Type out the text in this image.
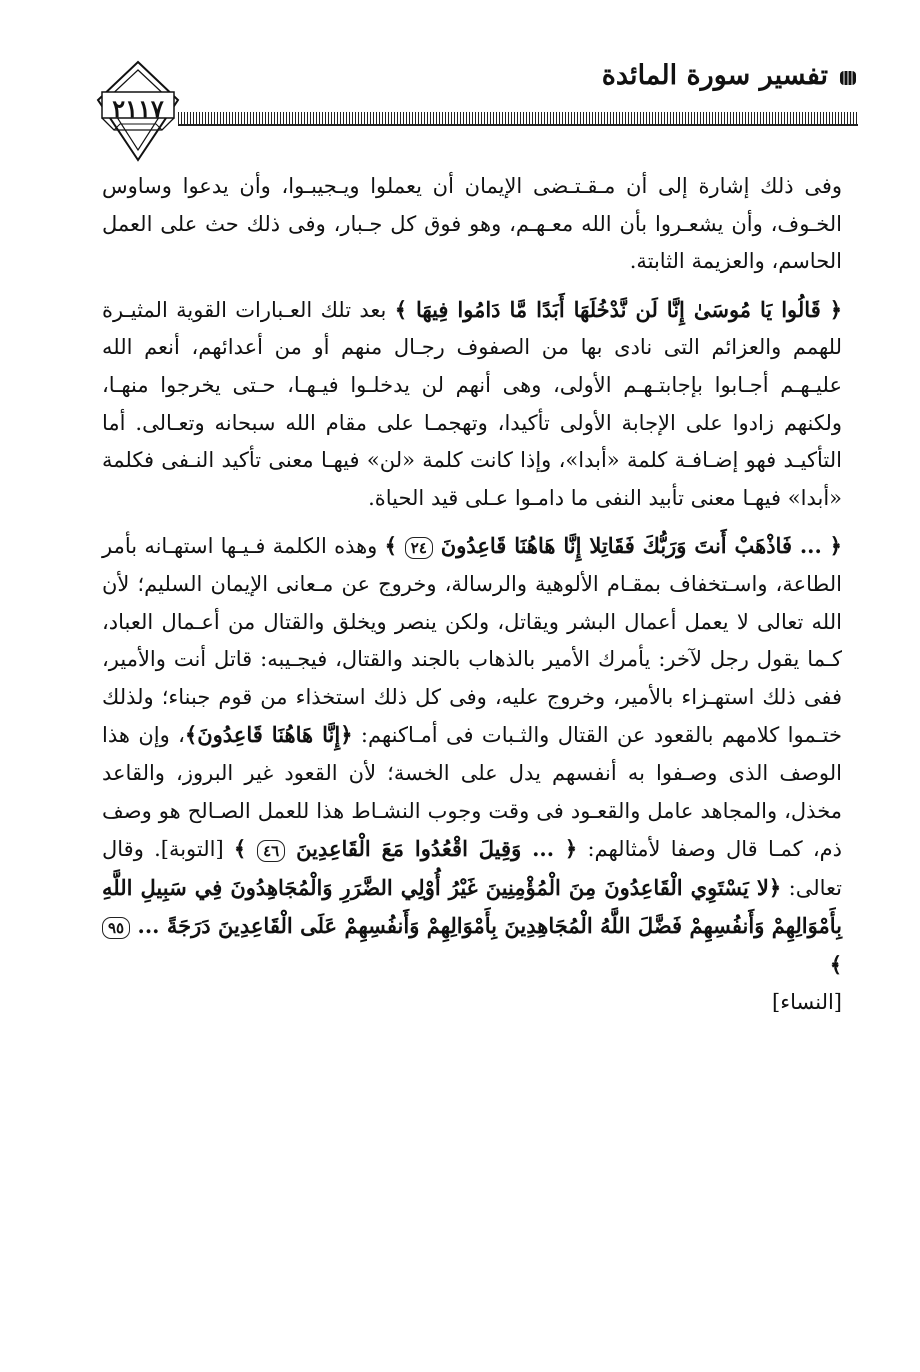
تفسير سورة المائدة
٢١١٧

وفى ذلك إشارة إلى أن مـقـتـضى الإيمان أن يعملوا ويـجيبـوا، وأن يدعوا وساوس الخـوف، وأن يشعـروا بأن الله معـهـم، وهو فوق كل جـبار، وفى ذلك حث على العمل الحاسم، والعزيمة الثابتة.

﴿ قَالُوا يَا مُوسَىٰ إِنَّا لَن نَّدْخُلَهَا أَبَدًا مَّا دَامُوا فِيهَا ﴾ بعد تلك العـبارات القوية المثيـرة للهمم والعزائم التى نادى بها من الصفوف رجـال منهم أو من أعدائهم، أنعم الله عليـهـم أجـابوا بإجابتـهـم الأولى، وهى أنهم لن يدخلـوا فيـهـا، حـتى يخرجوا منهـا، ولكنهم زادوا على الإجابة الأولى تأكيدا، وتهجمـا على مقام الله سبحانه وتعـالى. أما التأكيـد فهو إضـافـة كلمة «أبدا»، وإذا كانت كلمة «لن» فيهـا معنى تأكيد النـفى فكلمة «أبدا» فيهـا معنى تأبيد النفى ما دامـوا عـلى قيد الحياة.

﴿ ... فَاذْهَبْ أَنتَ وَرَبُّكَ فَقَاتِلا إِنَّا هَاهُنَا قَاعِدُونَ ٢٤ ﴾ وهذه الكلمة فـيـها استهـانه بأمر الطاعة، واسـتخفاف بمقـام الألوهية والرسالة، وخروج عن مـعانى الإيمان السليم؛ لأن الله تعالى لا يعمل أعمال البشر ويقاتل، ولكن ينصر ويخلق والقتال من أعـمال العباد، كـما يقول رجل لآخر: يأمرك الأمير بالذهاب بالجند والقتال، فيجـيبه: قاتل أنت والأمير، ففى ذلك استهـزاء بالأمير، وخروج عليه، وفى كل ذلك استخذاء من قوم جبناء؛ ولذلك ختـموا كلامهم بالقعود عن القتال والثـبات فى أمـاكنهم: ﴿إِنَّا هَاهُنَا قَاعِدُونَ﴾، وإن هذا الوصف الذى وصـفوا به أنفسهم يدل على الخسة؛ لأن القعود غير البروز، والقاعد مخذل، والمجاهد عامل والقعـود فى وقت وجوب النشـاط هذا للعمل الصـالح هو وصف ذم، كمـا قال وصفا لأمثالهم: ﴿ ... وَقِيلَ اقْعُدُوا مَعَ الْقَاعِدِينَ ٤٦ ﴾ [التوبة]. وقال تعالى: ﴿لا يَسْتَوِي الْقَاعِدُونَ مِنَ الْمُؤْمِنِينَ غَيْرُ أُوْلِي الضَّرَرِ وَالْمُجَاهِدُونَ فِي سَبِيلِ اللَّهِ بِأَمْوَالِهِمْ وَأَنفُسِهِمْ فَضَّلَ اللَّهُ الْمُجَاهِدِينَ بِأَمْوَالِهِمْ وَأَنفُسِهِمْ عَلَى الْقَاعِدِينَ دَرَجَةً ... ٩٥ ﴾
[النساء]
